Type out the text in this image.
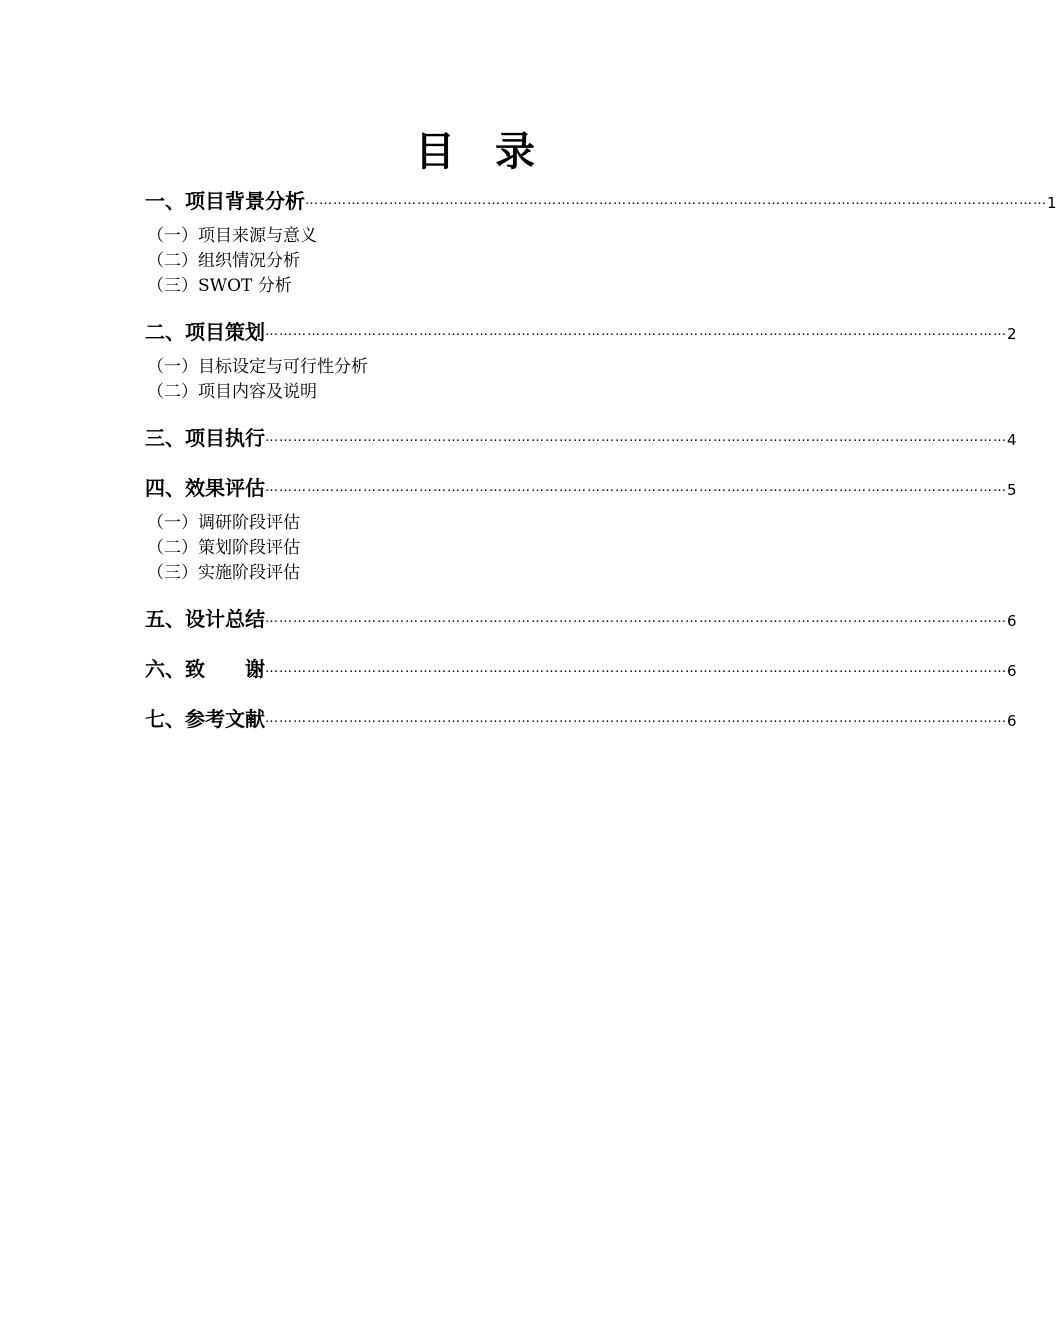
目录
一、项目背景分析 …………………………………………………………………………………………………………………………………………… 1
（一）项目来源与意义
（二）组织情况分析
（三）SWOT 分析
二、项目策划 …………………………………………………………………………………………………………………………………………… 2
（一）目标设定与可行性分析
（二）项目内容及说明
三、项目执行 …………………………………………………………………………………………………………………………………………… 4
四、效果评估 …………………………………………………………………………………………………………………………………………… 5
（一）调研阶段评估
（二）策划阶段评估
（三）实施阶段评估
五、设计总结 …………………………………………………………………………………………………………………………………………… 6
六、致　　谢 …………………………………………………………………………………………………………………………………………… 6
七、参考文献 …………………………………………………………………………………………………………………………………………… 6
